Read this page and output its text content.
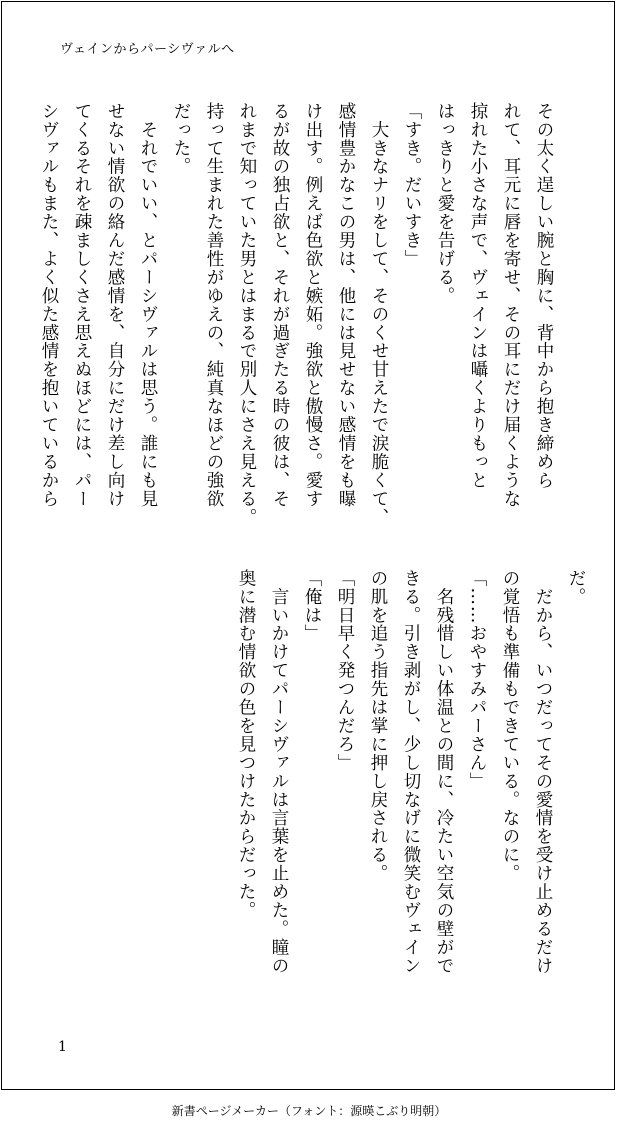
ヴェインからパーシヴァルへ
その太く逞しい腕と胸に、背中から抱き締めら
れて、耳元に唇を寄せ、その耳にだけ届くような
掠れた小さな声で、ヴェインは囁くよりもっと
はっきりと愛を告げる。
「すき。だいすき」
　大きなナリをして、そのくせ甘えたで涙脆くて、
感情豊かなこの男は、他には見せない感情をも曝
け出す。例えば色欲と嫉妬。強欲と傲慢さ。愛す
るが故の独占欲と、それが過ぎたる時の彼は、そ
れまで知っていた男とはまるで別人にさえ見える。
持って生まれた善性がゆえの、純真なほどの強欲
だった。
　それでいい、とパーシヴァルは思う。誰にも見
せない情欲の絡んだ感情を、自分にだけ差し向け
てくるそれを疎ましくさえ思えぬほどには、パー
シヴァルもまた、よく似た感情を抱いているから
だ。
　だから、いつだってその愛情を受け止めるだけ
の覚悟も準備もできている。なのに。
「……おやすみパーさん」
　名残惜しい体温との間に、冷たい空気の壁がで
きる。引き剥がし、少し切なげに微笑むヴェイン
の肌を追う指先は掌に押し戻される。
「明日早く発つんだろ」
「俺は」
　言いかけてパーシヴァルは言葉を止めた。瞳の
奥に潜む情欲の色を見つけたからだった。
1
新書ページメーカー（フォント：源暎こぶり明朝）
